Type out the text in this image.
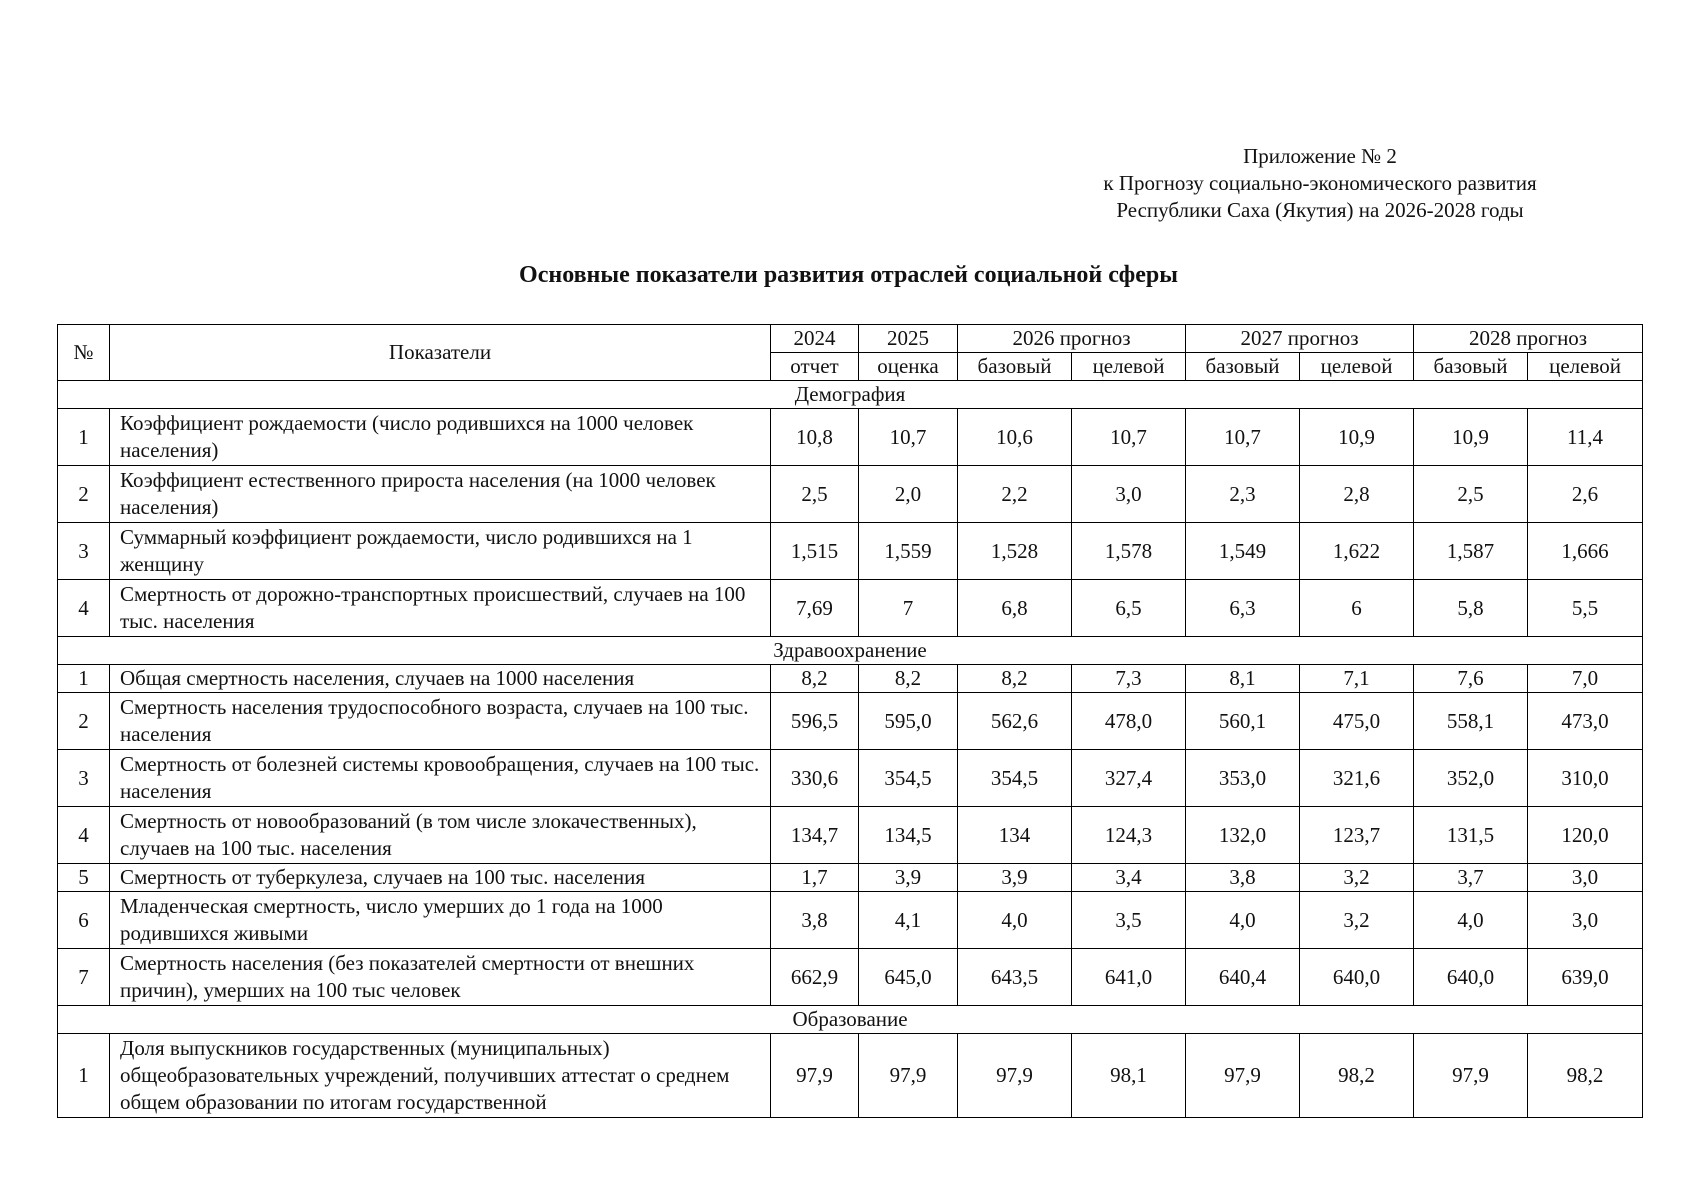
Приложение № 2
к Прогнозу социально-экономического развития
Республики Саха (Якутия) на 2026-2028 годы
Основные показатели развития отраслей социальной сферы
№	Показатели	2024	2025	2026 прогноз		2027 прогноз		2028 прогноз	
		отчет	оценка	базовый	целевой	базовый	целевой	базовый	целевой
Демография									
1	Коэффициент рождаемости (число родившихся на 1000 человек населения)	10,8	10,7	10,6	10,7	10,7	10,9	10,9	11,4
2	Коэффициент естественного прироста населения (на 1000 человек населения)	2,5	2,0	2,2	3,0	2,3	2,8	2,5	2,6
3	Суммарный коэффициент рождаемости, число родившихся на 1 женщину	1,515	1,559	1,528	1,578	1,549	1,622	1,587	1,666
4	Смертность от дорожно-транспортных происшествий, случаев на 100 тыс. населения	7,69	7	6,8	6,5	6,3	6	5,8	5,5
Здравоохранение									
1	Общая смертность населения, случаев на 1000 населения	8,2	8,2	8,2	7,3	8,1	7,1	7,6	7,0
2	Смертность населения трудоспособного возраста, случаев на 100 тыс. населения	596,5	595,0	562,6	478,0	560,1	475,0	558,1	473,0
3	Смертность от болезней системы кровообращения, случаев на 100 тыс. населения	330,6	354,5	354,5	327,4	353,0	321,6	352,0	310,0
4	Смертность от новообразований (в том числе злокачественных), случаев на 100 тыс. населения	134,7	134,5	134	124,3	132,0	123,7	131,5	120,0
5	Смертность от туберкулеза, случаев на 100 тыс. населения	1,7	3,9	3,9	3,4	3,8	3,2	3,7	3,0
6	Младенческая смертность, число умерших до 1 года на 1000 родившихся живыми	3,8	4,1	4,0	3,5	4,0	3,2	4,0	3,0
7	Смертность населения (без показателей смертности от внешних причин), умерших на 100 тыс человек	662,9	645,0	643,5	641,0	640,4	640,0	640,0	639,0
Образование									
1	Доля выпускников государственных (муниципальных) общеобразовательных учреждений, получивших аттестат о среднем общем образовании по итогам государственной	97,9	97,9	97,9	98,1	97,9	98,2	97,9	98,2
